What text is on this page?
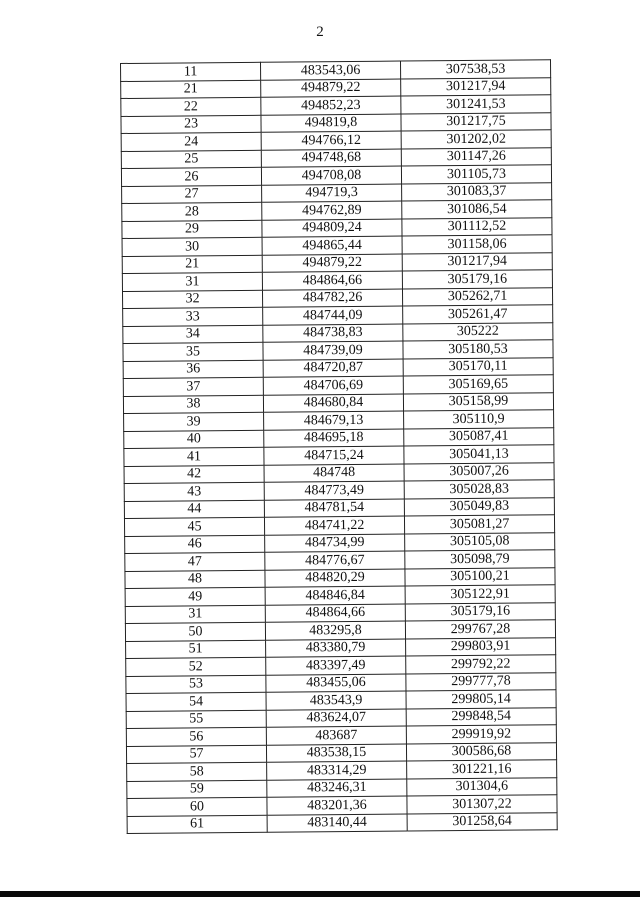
2
11	483543,06	307538,53
21	494879,22	301217,94
22	494852,23	301241,53
23	494819,8	301217,75
24	494766,12	301202,02
25	494748,68	301147,26
26	494708,08	301105,73
27	494719,3	301083,37
28	494762,89	301086,54
29	494809,24	301112,52
30	494865,44	301158,06
21	494879,22	301217,94
31	484864,66	305179,16
32	484782,26	305262,71
33	484744,09	305261,47
34	484738,83	305222
35	484739,09	305180,53
36	484720,87	305170,11
37	484706,69	305169,65
38	484680,84	305158,99
39	484679,13	305110,9
40	484695,18	305087,41
41	484715,24	305041,13
42	484748	305007,26
43	484773,49	305028,83
44	484781,54	305049,83
45	484741,22	305081,27
46	484734,99	305105,08
47	484776,67	305098,79
48	484820,29	305100,21
49	484846,84	305122,91
31	484864,66	305179,16
50	483295,8	299767,28
51	483380,79	299803,91
52	483397,49	299792,22
53	483455,06	299777,78
54	483543,9	299805,14
55	483624,07	299848,54
56	483687	299919,92
57	483538,15	300586,68
58	483314,29	301221,16
59	483246,31	301304,6
60	483201,36	301307,22
61	483140,44	301258,64
